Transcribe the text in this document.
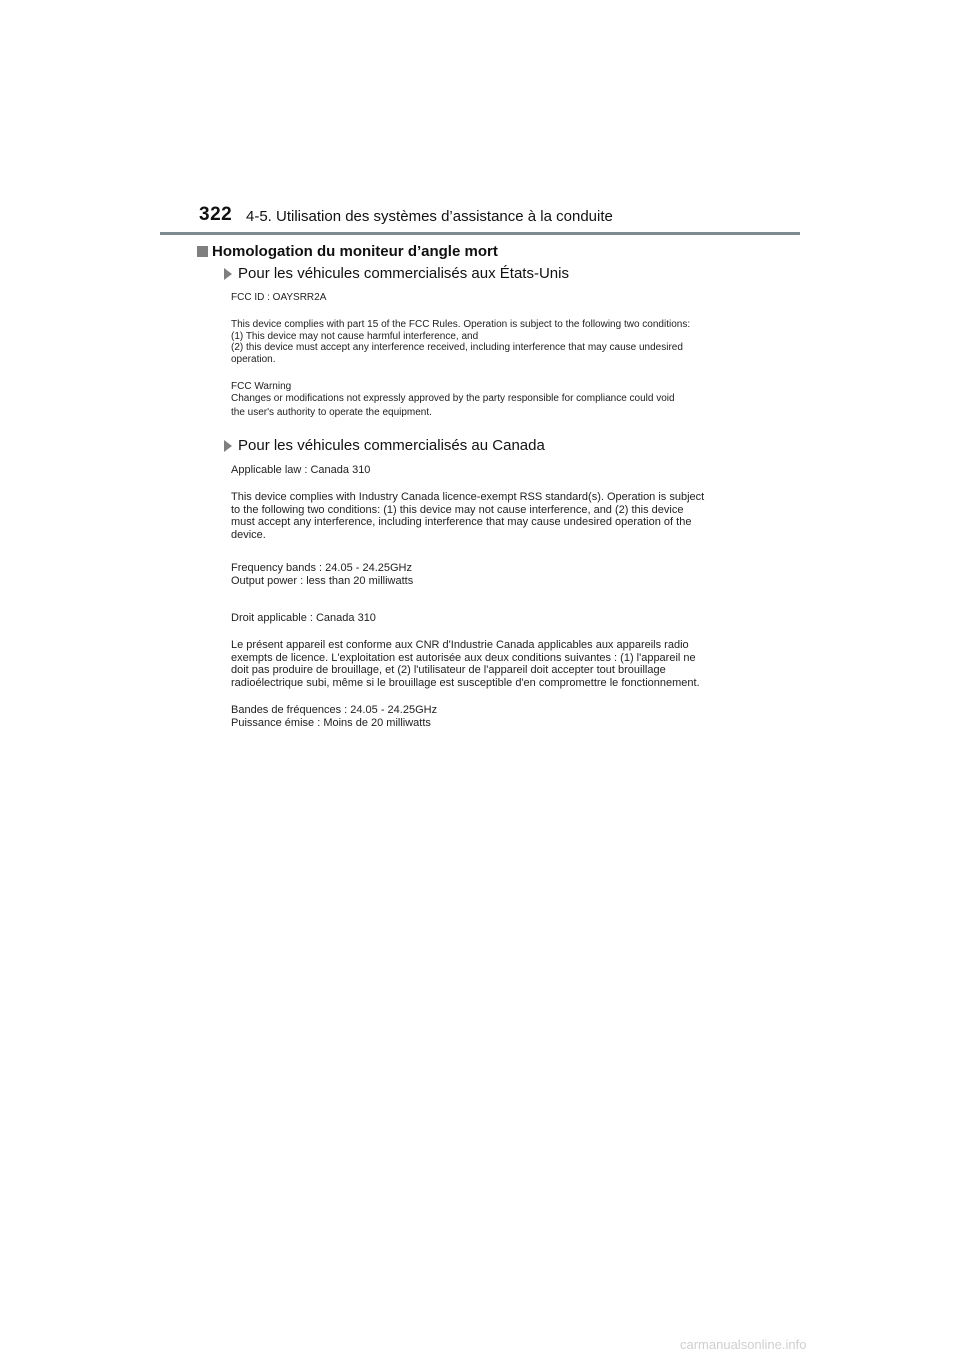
322 4-5. Utilisation des systèmes d’assistance à la conduite
Homologation du moniteur d’angle mort
Pour les véhicules commercialisés aux États-Unis
FCC ID : OAYSRR2A
This device complies with part 15 of the FCC Rules. Operation is subject to the following two conditions:
(1) This device may not cause harmful interference, and
(2) this device must accept any interference received, including interference that may cause undesired
operation.
FCC Warning
Changes or modifications not expressly approved by the party responsible for compliance could void
the user's authority to operate the equipment.
Pour les véhicules commercialisés au Canada
Applicable law : Canada 310
This device complies with Industry Canada licence-exempt RSS standard(s). Operation is subject
to the following two conditions: (1) this device may not cause interference, and (2) this device
must accept any interference, including interference that may cause undesired operation of the
device.
Frequency bands : 24.05 - 24.25GHz
Output power : less than 20 milliwatts
Droit applicable : Canada 310
Le présent appareil est conforme aux CNR d'Industrie Canada applicables aux appareils radio
exempts de licence. L'exploitation est autorisée aux deux conditions suivantes : (1) l'appareil ne
doit pas produire de brouillage, et (2) l'utilisateur de l'appareil doit accepter tout brouillage
radioélectrique subi, même si le brouillage est susceptible d'en compromettre le fonctionnement.
Bandes de fréquences : 24.05 - 24.25GHz
Puissance émise : Moins de 20 milliwatts
carmanualsonline.info
